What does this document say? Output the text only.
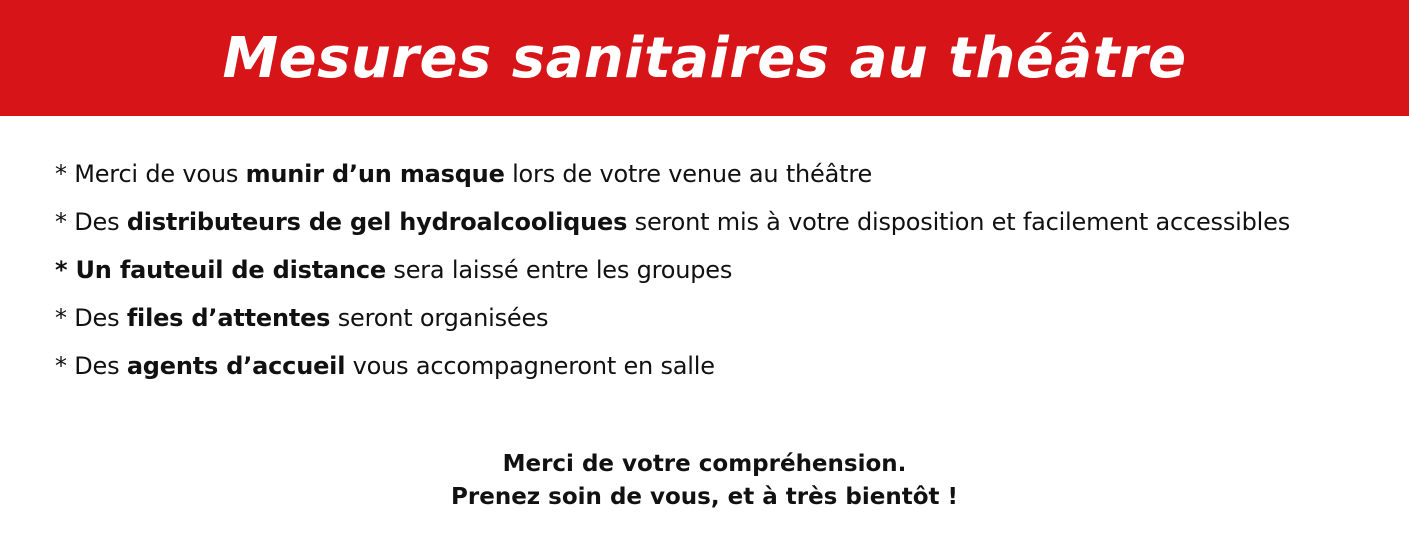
Mesures sanitaires au théâtre
* Merci de vous munir d’un masque lors de votre venue au théâtre
* Des distributeurs de gel hydroalcooliques seront mis à votre disposition et facilement accessibles
* Un fauteuil de distance sera laissé entre les groupes
* Des files d’attentes seront organisées
* Des agents d’accueil vous accompagneront en salle

Merci de votre compréhension.

Prenez soin de vous, et à très bientôt !
